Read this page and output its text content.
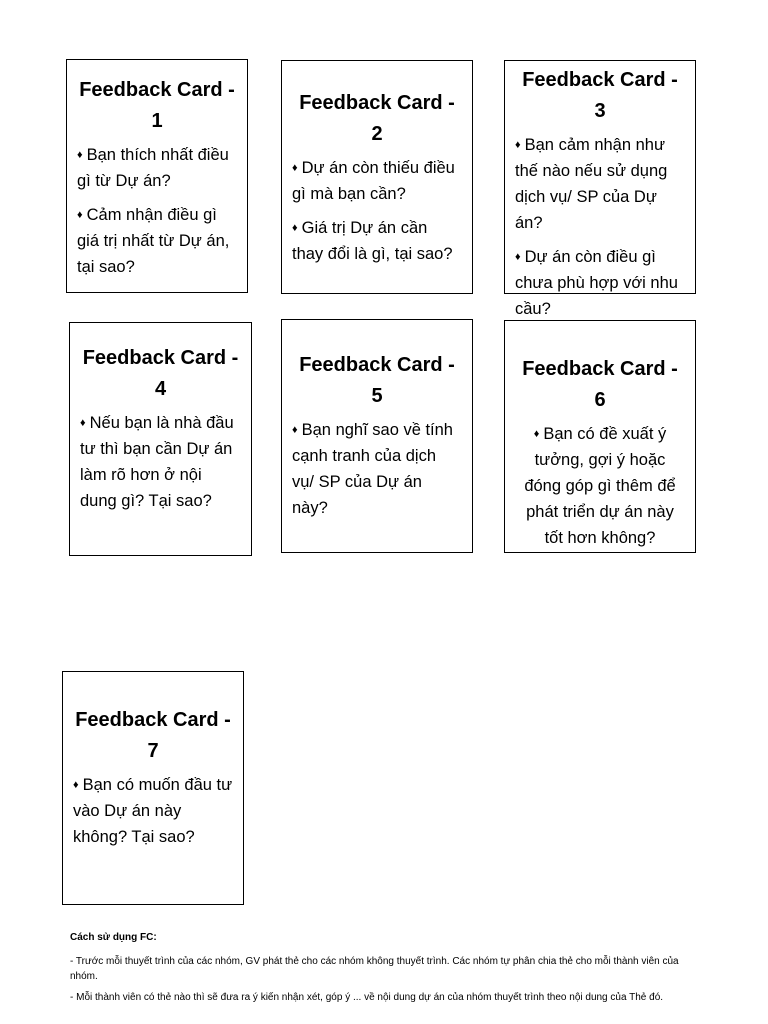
Feedback Card - 1
♦ Bạn thích nhất điều gì từ Dự án?
♦ Cảm nhận điều gì giá trị nhất từ Dự án, tại sao?
Feedback Card - 2
♦ Dự án còn thiếu điều gì mà bạn cần?
♦ Giá trị Dự án cần thay đổi là gì, tại sao?
Feedback Card - 3
♦ Bạn cảm nhận như thế nào nếu sử dụng dịch vụ/ SP của Dự án?
♦ Dự án còn điều gì chưa phù hợp với nhu cầu?
Feedback Card - 4
♦ Nếu bạn là nhà đầu tư thì bạn cần Dự án làm rõ hơn ở nội dung gì? Tại sao?
Feedback Card - 5
♦ Bạn nghĩ sao về tính cạnh tranh của dịch vụ/ SP của Dự án này?
Feedback Card - 6
♦ Bạn có đề xuất ý tưởng, gợi ý hoặc đóng góp gì thêm để phát triển dự án này tốt hơn không?
Feedback Card - 7
♦ Bạn có muốn đầu tư vào Dự án này không? Tại sao?
Cách sử dụng FC:
- Trước mỗi thuyết trình của các nhóm, GV phát thẻ cho các nhóm không thuyết trình. Các nhóm tự phân chia thẻ cho mỗi thành viên của nhóm.
- Mỗi thành viên có thẻ nào thì sẽ đưa ra ý kiến nhận xét, góp ý ... về nội dung dự án của nhóm thuyết trình theo nội dung của Thẻ đó.
